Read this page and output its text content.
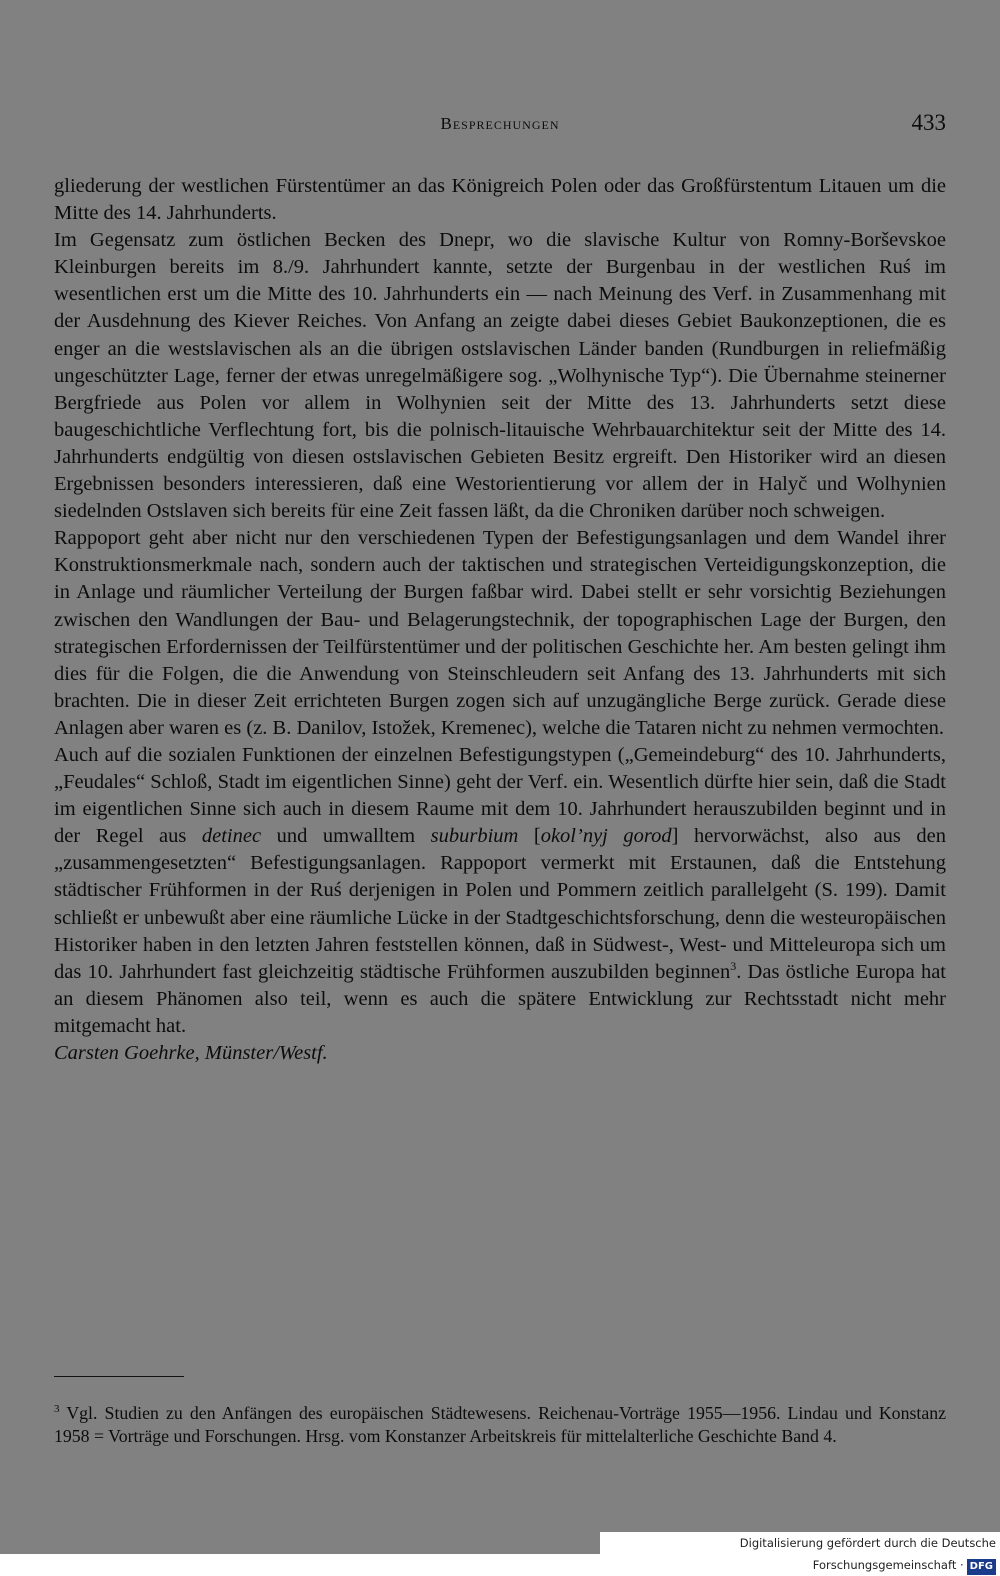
Besprechungen	433

gliederung der westlichen Fürstentümer an das Königreich Polen oder das Großfürstentum Litauen um die Mitte des 14. Jahrhunderts.

Im Gegensatz zum östlichen Becken des Dnepr, wo die slavische Kultur von Romny-Borševskoe Kleinburgen bereits im 8./9. Jahrhundert kannte, setzte der Burgenbau in der westlichen Ruś im wesentlichen erst um die Mitte des 10. Jahrhunderts ein — nach Meinung des Verf. in Zusammenhang mit der Ausdehnung des Kiever Reiches. Von Anfang an zeigte dabei dieses Gebiet Baukonzeptionen, die es enger an die westslavischen als an die übrigen ostslavischen Länder banden (Rundburgen in reliefmäßig ungeschützter Lage, ferner der etwas unregelmäßigere sog. „Wolhynische Typ“). Die Übernahme steinerner Bergfriede aus Polen vor allem in Wolhynien seit der Mitte des 13. Jahrhunderts setzt diese baugeschichtliche Verflechtung fort, bis die polnisch-litauische Wehrbauarchitektur seit der Mitte des 14. Jahrhunderts endgültig von diesen ostslavischen Gebieten Besitz ergreift. Den Historiker wird an diesen Ergebnissen besonders interessieren, daß eine Westorientierung vor allem der in Halyč und Wolhynien siedelnden Ostslaven sich bereits für eine Zeit fassen läßt, da die Chroniken darüber noch schweigen.

Rappoport geht aber nicht nur den verschiedenen Typen der Befestigungsanlagen und dem Wandel ihrer Konstruktionsmerkmale nach, sondern auch der taktischen und strategischen Verteidigungskonzeption, die in Anlage und räumlicher Verteilung der Burgen faßbar wird. Dabei stellt er sehr vorsichtig Beziehungen zwischen den Wandlungen der Bau- und Belagerungstechnik, der topographischen Lage der Burgen, den strategischen Erfordernissen der Teilfürstentümer und der politischen Geschichte her. Am besten gelingt ihm dies für die Folgen, die die Anwendung von Steinschleudern seit Anfang des 13. Jahrhunderts mit sich brachten. Die in dieser Zeit errichteten Burgen zogen sich auf unzugängliche Berge zurück. Gerade diese Anlagen aber waren es (z. B. Danilov, Istožek, Kremenec), welche die Tataren nicht zu nehmen vermochten.

Auch auf die sozialen Funktionen der einzelnen Befestigungstypen („Gemeindeburg“ des 10. Jahrhunderts, „Feudales“ Schloß, Stadt im eigentlichen Sinne) geht der Verf. ein. Wesentlich dürfte hier sein, daß die Stadt im eigentlichen Sinne sich auch in diesem Raume mit dem 10. Jahrhundert herauszubilden beginnt und in der Regel aus detinec und umwalltem suburbium [okol’nyj gorod] hervorwächst, also aus den „zusammengesetzten“ Befestigungsanlagen. Rappoport vermerkt mit Erstaunen, daß die Entstehung städtischer Frühformen in der Ruś derjenigen in Polen und Pommern zeitlich parallelgeht (S. 199). Damit schließt er unbewußt aber eine räumliche Lücke in der Stadtgeschichtsforschung, denn die westeuropäischen Historiker haben in den letzten Jahren feststellen können, daß in Südwest-, West- und Mitteleuropa sich um das 10. Jahrhundert fast gleichzeitig städtische Frühformen auszubilden beginnen$^3$. Das östliche Europa hat an diesem Phänomen also teil, wenn es auch die spätere Entwicklung zur Rechtsstadt nicht mehr mitgemacht hat.

Carsten Goehrke, Münster/Westf.

$^3$ Vgl. Studien zu den Anfängen des europäischen Städtewesens. Reichenau-Vorträge 1955—1956. Lindau und Konstanz 1958 = Vorträge und Forschungen. Hrsg. vom Konstanzer Arbeitskreis für mittelalterliche Geschichte Band 4.
Digitalisierung gefördert durch die Deutsche Forschungsgemeinschaft · DFG
